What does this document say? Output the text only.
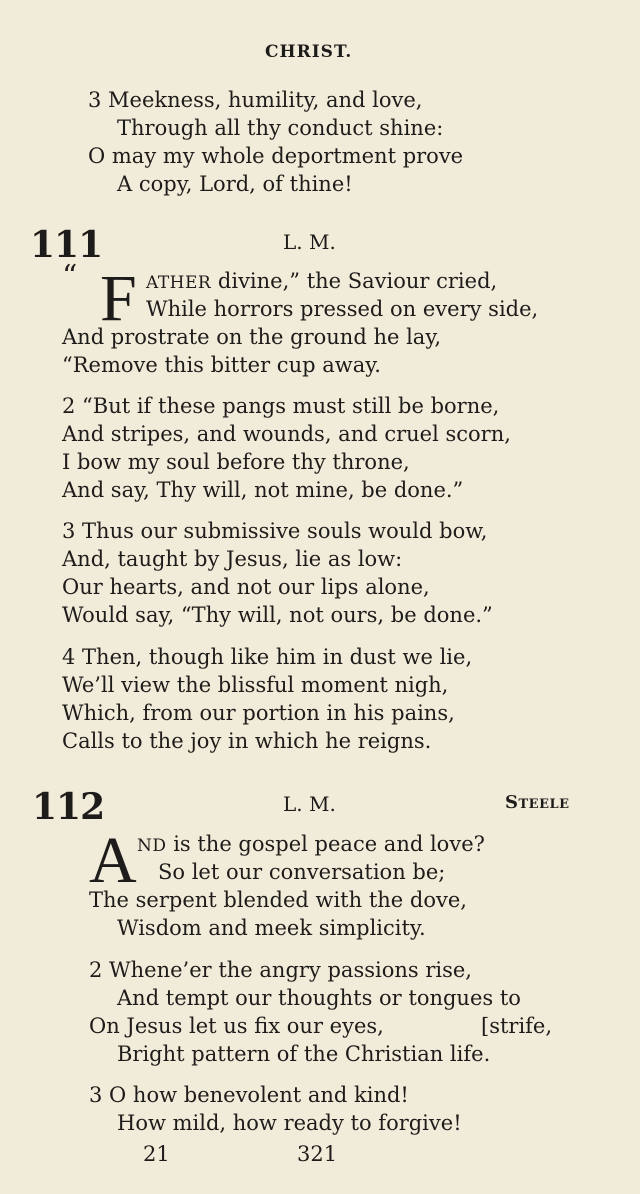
CHRIST.
3 Meekness, humility, and love,
Through all thy conduct shine:
O may my whole deportment prove
A copy, Lord, of thine!
111	L. M.
“ F ATHER divine,” the Saviour cried,
While horrors pressed on every side,
And prostrate on the ground he lay,
“Remove this bitter cup away.
2 “But if these pangs must still be borne,
And stripes, and wounds, and cruel scorn,
I bow my soul before thy throne,
And say, Thy will, not mine, be done.”
3 Thus our submissive souls would bow,
And, taught by Jesus, lie as low:
Our hearts, and not our lips alone,
Would say, “Thy will, not ours, be done.”
4 Then, though like him in dust we lie,
We’ll view the blissful moment nigh,
Which, from our portion in his pains,
Calls to the joy in which he reigns.
112	L. M.	Steele
A ND is the gospel peace and love?
So let our conversation be;
The serpent blended with the dove,
Wisdom and meek simplicity.
2 Whene’er the angry passions rise,
And tempt our thoughts or tongues to
On Jesus let us fix our eyes,	[strife,
Bright pattern of the Christian life.
3 O how benevolent and kind!
How mild, how ready to forgive!
21	321
